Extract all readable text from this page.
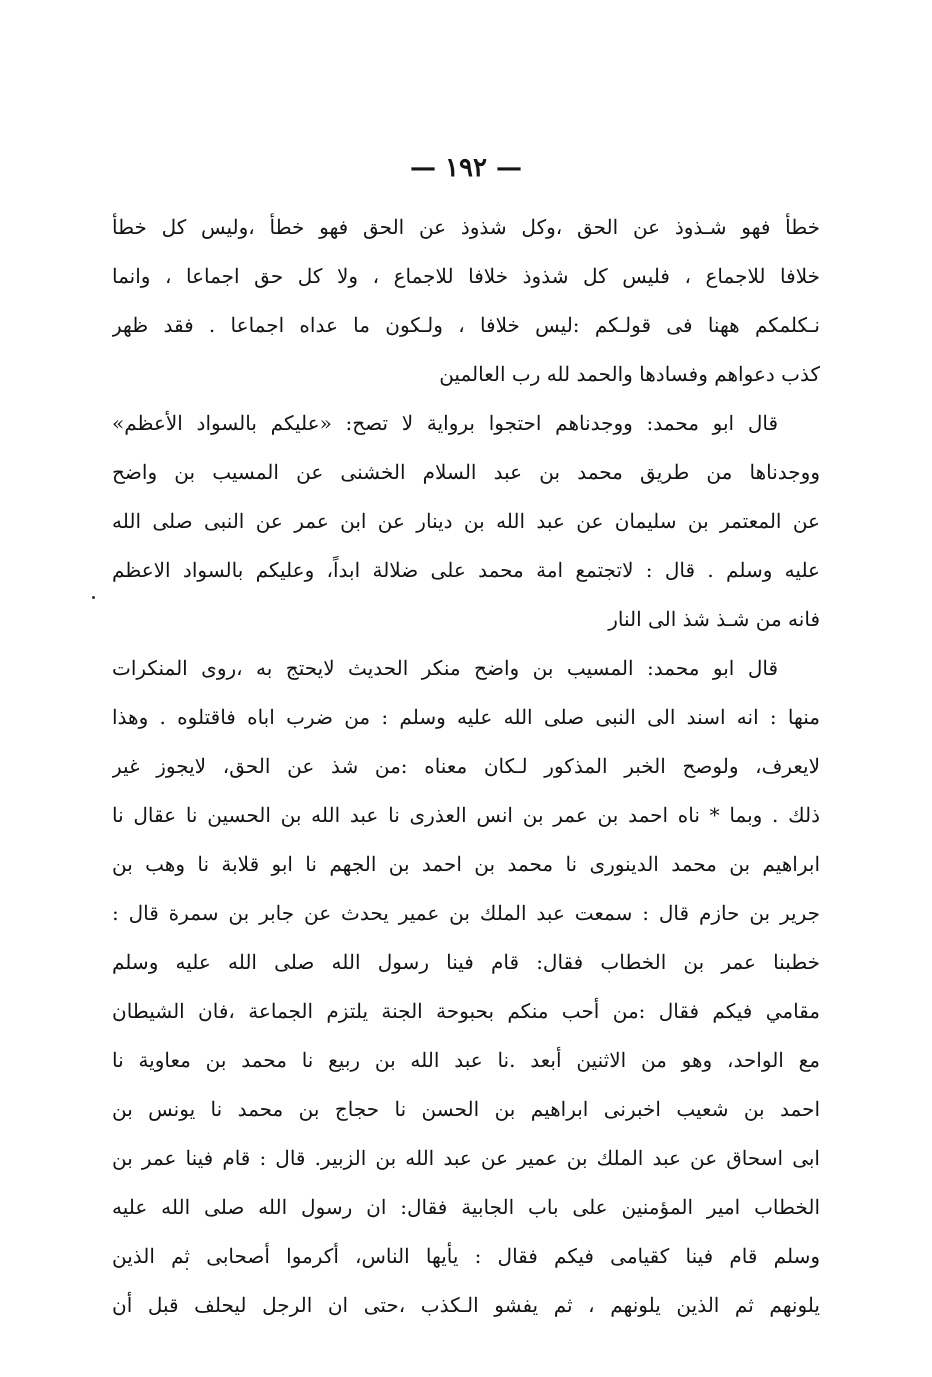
— ١٩٢ —
خطأ فهو شـذوذ عن الحق ،وكل شذوذ عن الحق فهو خطأ ،وليس كل خطأ
خلافا للاجماع ، فليس كل شذوذ خلافا للاجماع ، ولا كل حق اجماعا ، وانما
نـكلمكم ههنا فى قولـكم :ليس خلافا ، ولـكون ما عداه اجماعا . فقد ظهر
كذب دعواهم وفسادها والحمد لله رب العالمين
قال ابو محمد: ووجدناهم احتجوا برواية لا تصح: «عليكم بالسواد الأعظم»
ووجدناها من طريق محمد بن عبد السلام الخشنى عن المسيب بن واضح
عن المعتمر بن سليمان عن عبد الله بن دينار عن ابن عمر عن النبى صلى الله
عليه وسلم . قال : لاتجتمع امة محمد على ضلالة ابداً، وعليكم بالسواد الاعظم
فانه من شـذ شذ الى النار
قال ابو محمد: المسيب بن واضح منكر الحديث لايحتج به ،روى المنكرات
منها : انه اسند الى النبى صلى الله عليه وسلم : من ضرب اباه فاقتلوه . وهذا
لايعرف، ولوصح الخبر المذكور لـكان معناه :من شذ عن الحق، لايجوز غير
ذلك . وبما * ناه احمد بن عمر بن انس العذرى نا عبد الله بن الحسين نا عقال نا
ابراهيم بن محمد الدينورى نا محمد بن احمد بن الجهم نا ابو قلابة نا وهب بن
جرير بن حازم قال : سمعت عبد الملك بن عمير يحدث عن جابر بن سمرة قال :
خطبنا عمر بن الخطاب فقال: قام فينا رسول الله صلى الله عليه وسلم
مقامي فيكم فقال :من أحب منكم بحبوحة الجنة يلتزم الجماعة ،فان الشيطان
مع الواحد، وهو من الاثنين أبعد .نا عبد الله بن ربيع نا محمد بن معاوية نا
احمد بن شعيب اخبرنى ابراهيم بن الحسن نا حجاج بن محمد نا يونس بن
ابى اسحاق عن عبد الملك بن عمير عن عبد الله بن الزبير. قال : قام فينا عمر بن
الخطاب امير المؤمنين على باب الجابية فقال: ان رسول الله صلى الله عليه
وسلم قام فينا كقيامى فيكم فقال : يأيها الناس، أكرموا أصحابى ثم الذين
يلونهم ثم الذين يلونهم ، ثم يفشو الـكذب ،حتى ان الرجل ليحلف قبل أن
